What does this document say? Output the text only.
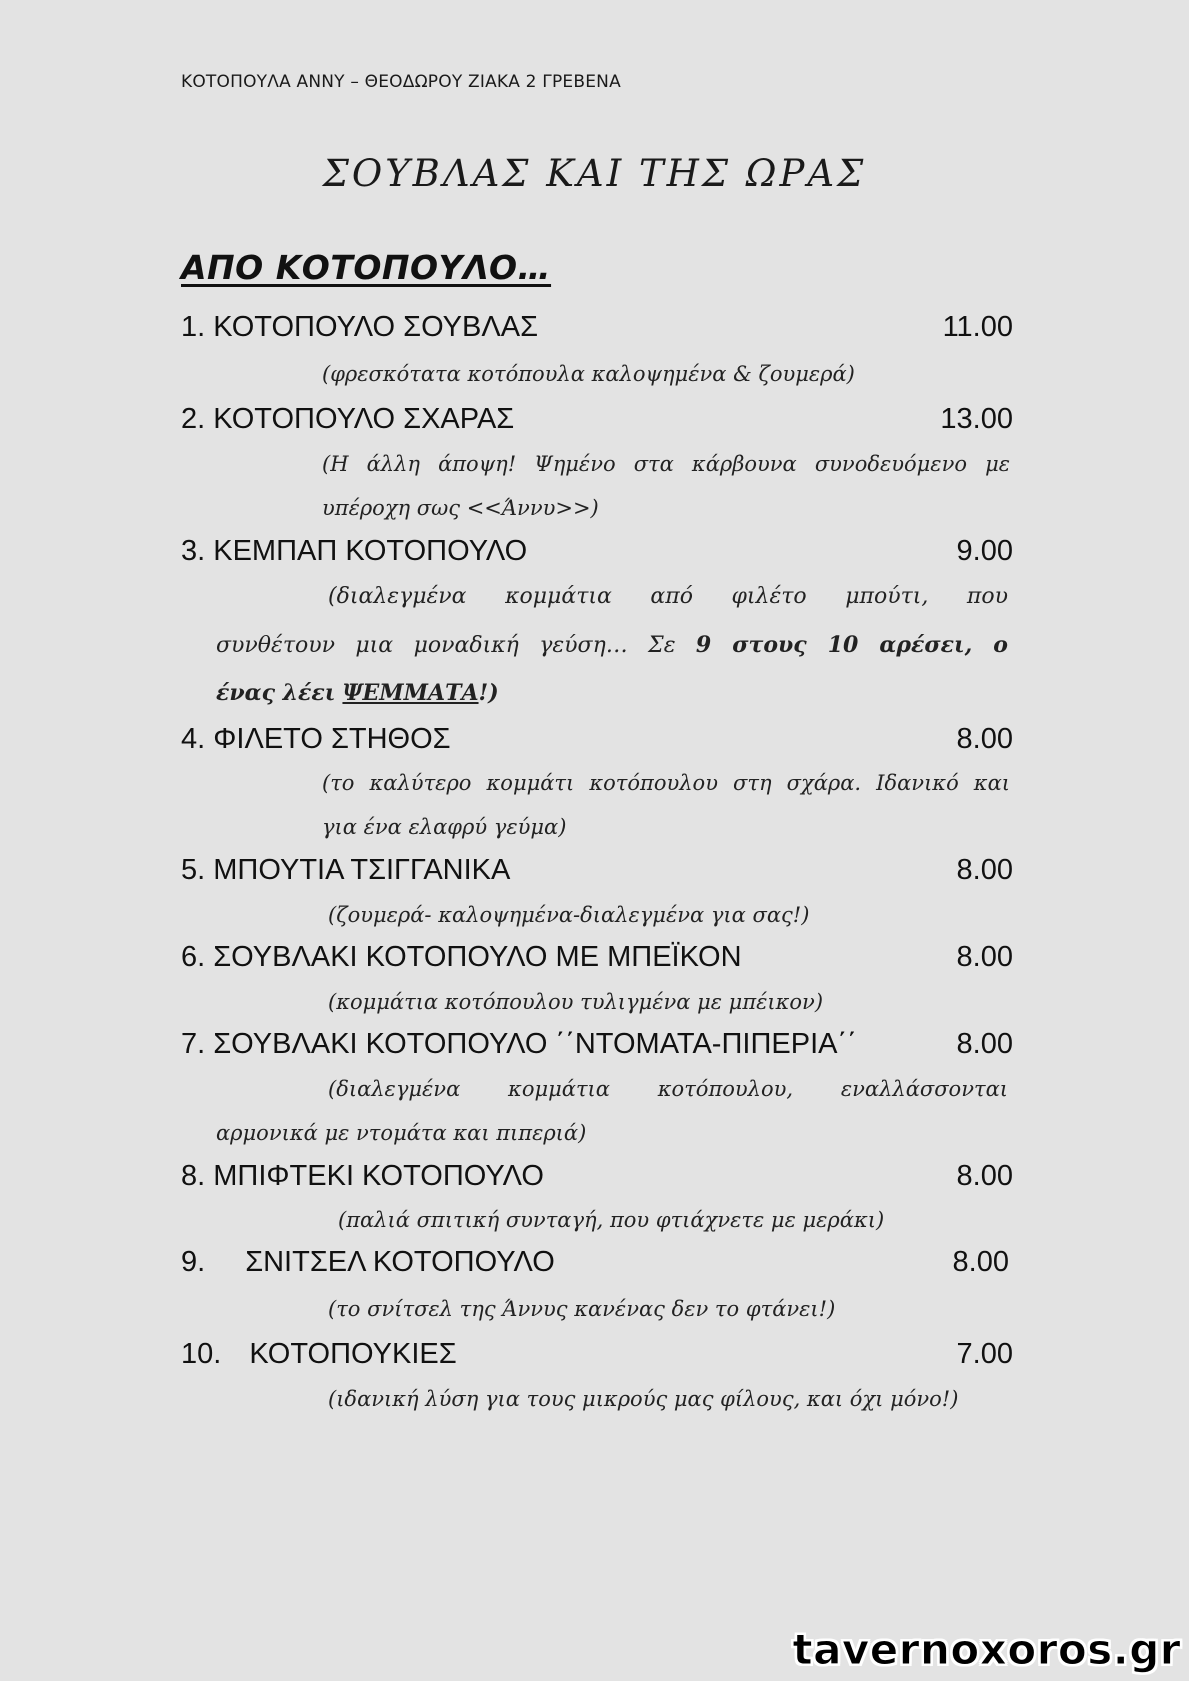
ΚΟΤΟΠΟΥΛΑ ΑΝΝΥ – ΘΕΟΔΩΡΟΥ ΖΙΑΚΑ 2 ΓΡΕΒΕΝΑ
ΣΟΥΒΛΑΣ ΚΑΙ ΤΗΣ ΩΡΑΣ
ΑΠΟ ΚΟΤΟΠΟΥΛΟ…
1. ΚΟΤΟΠΟΥΛΟ ΣΟΥΒΛΑΣ	11.00
(φρεσκότατα κοτόπουλα καλοψημένα & ζουμερά)
2. ΚΟΤΟΠΟΥΛΟ ΣΧΑΡΑΣ	13.00
(Η άλλη άποψη! Ψημένο στα κάρβουνα συνοδευόμενο με
υπέροχη σως <<Άννυ>>)
3. ΚΕΜΠΑΠ ΚΟΤΟΠΟΥΛΟ	9.00
(διαλεγμένα κομμάτια από φιλέτο μπούτι, που
συνθέτουν μια μοναδική γεύση… Σε 9 στους 10 αρέσει, ο
ένας λέει ΨΕΜΜΑΤΑ!)
4. ΦΙΛΕΤΟ ΣΤΗΘΟΣ	8.00
(το καλύτερο κομμάτι κοτόπουλου στη σχάρα. Ιδανικό και
για ένα ελαφρύ γεύμα)
5. ΜΠΟΥΤΙΑ ΤΣΙΓΓΑΝΙΚΑ	8.00
(ζουμερά- καλοψημένα-διαλεγμένα για σας!)
6. ΣΟΥΒΛΑΚΙ ΚΟΤΟΠΟΥΛΟ ΜΕ ΜΠΕΪΚΟΝ	8.00
(κομμάτια κοτόπουλου τυλιγμένα με μπέικον)
7. ΣΟΥΒΛΑΚΙ ΚΟΤΟΠΟΥΛΟ ΄΄ΝΤΟΜΑΤΑ-ΠΙΠΕΡΙΑ΄΄	8.00
(διαλεγμένα κομμάτια κοτόπουλου, εναλλάσσονται
αρμονικά με ντομάτα και πιπεριά)
8. ΜΠΙΦΤΕΚΙ ΚΟΤΟΠΟΥΛΟ	8.00
(παλιά σπιτική συνταγή, που φτιάχνετε με μεράκι)
9. ΣΝΙΤΣΕΛ ΚΟΤΟΠΟΥΛΟ	8.00
(το σνίτσελ της Άννυς κανένας δεν το φτάνει!)
10. ΚΟΤΟΠΟΥΚΙΕΣ	7.00
(ιδανική λύση για τους μικρούς μας φίλους, και όχι μόνο!)
tavernoxoros.gr
